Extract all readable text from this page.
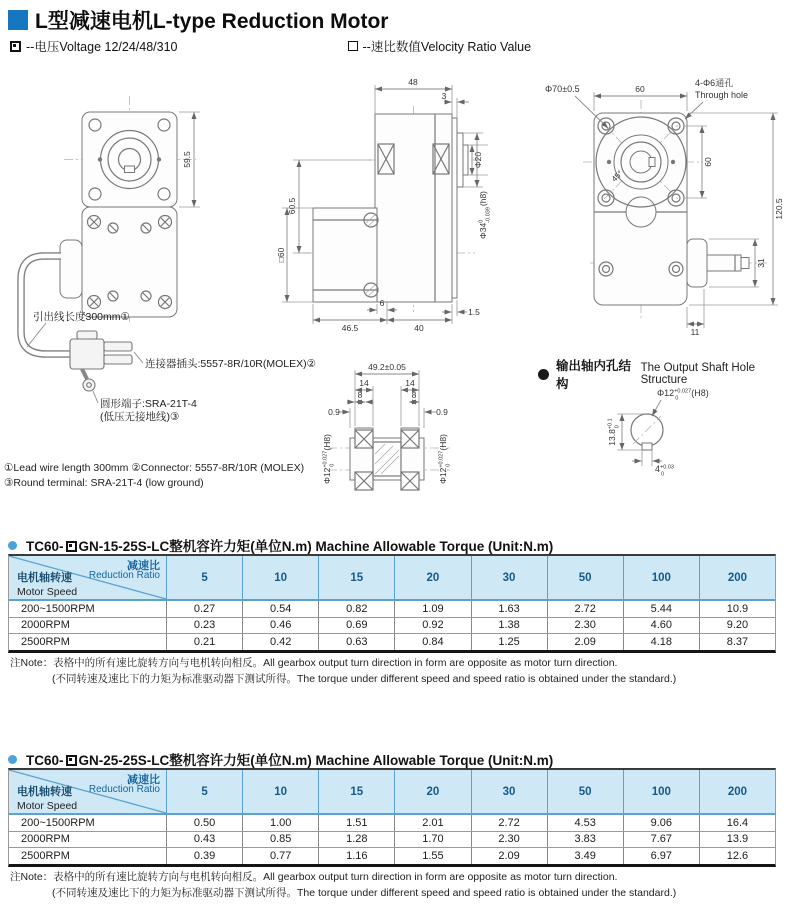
L型减速电机L-type Reduction Motor
--电压Voltage 12/24/48/310	--速比数值Velocity Ratio Value
59.5
引出线长度300mm①
连接器插头:5557-8R/10R(MOLEX)②
圆形端子:SRA-21T-4
(低压无接地线)③
①Lead wire length 300mm ②Connector: 5557-8R/10R (MOLEX)
③Round terminal: SRA-21T-4 (low ground)
48
3
Φ20
$\Phi 34^0-0.039(h8)$
60.5
□60
6
46.5	40
1.5
49.2±0.05
14	14
8	8
0.9	0.9
$\Phi 12^{+0.027}0(H8)$
$\Phi 12^{+0.027}0(H8)$
Φ70±0.5	60
4-Φ6通孔
Through hole
60
120.5
31
11
45°
输出轴内孔结构
The Output Shaft Hole Structure
$\Phi 12^{+0.027}$ 0(H8)
$13.8^{+0.1}0$
$4^{+0.03}$ 0
TC60- GN-15-25S-LC整机容许力矩(单位N.m) Machine Allowable Torque (Unit:N.m)
减速比
Reduction Ratio
电机轴转速
Motor Speed
5	10	15	20	30	50	100	200
200~1500RPM	0.27	0.54	0.82	1.09	1.63	2.72	5.44	10.9
2000RPM	0.23	0.46	0.69	0.92	1.38	2.30	4.60	9.20
2500RPM	0.21	0.42	0.63	0.84	1.25	2.09	4.18	8.37
注Note：表格中的所有速比旋转方向与电机转向相反。All gearbox output turn direction in form are opposite as motor turn direction.
(不同转速及速比下的力矩为标准驱动器下测试所得。The torque under different speed and speed ratio is obtained under the standard.)
TC60- GN-25-25S-LC整机容许力矩(单位N.m) Machine Allowable Torque (Unit:N.m)
减速比
Reduction Ratio
电机轴转速
Motor Speed
5	10	15	20	30	50	100	200
200~1500RPM	0.50	1.00	1.51	2.01	2.72	4.53	9.06	16.4
2000RPM	0.43	0.85	1.28	1.70	2.30	3.83	7.67	13.9
2500RPM	0.39	0.77	1.16	1.55	2.09	3.49	6.97	12.6
注Note：表格中的所有速比旋转方向与电机转向相反。All gearbox output turn direction in form are opposite as motor turn direction.
(不同转速及速比下的力矩为标准驱动器下测试所得。The torque under different speed and speed ratio is obtained under the standard.)
